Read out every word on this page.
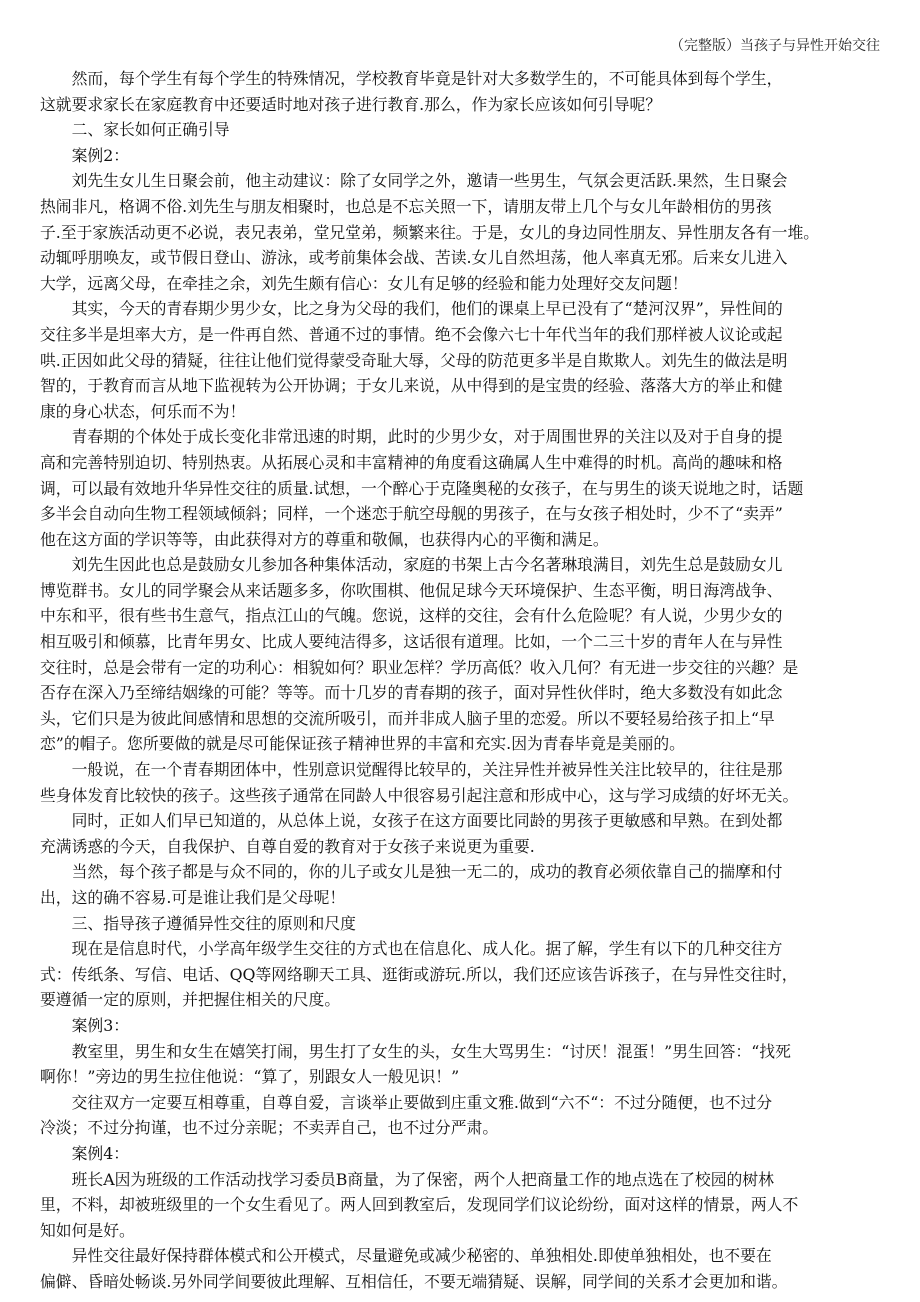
（完整版）当孩子与异性开始交往

然而，每个学生有每个学生的特殊情况，学校教育毕竟是针对大多数学生的，不可能具体到每个学生，

这就要求家长在家庭教育中还要适时地对孩子进行教育.那么，作为家长应该如何引导呢？

二、家长如何正确引导

案例2：

刘先生女儿生日聚会前，他主动建议：除了女同学之外，邀请一些男生，气氛会更活跃.果然，生日聚会

热闹非凡，格调不俗.刘先生与朋友相聚时，也总是不忘关照一下，请朋友带上几个与女儿年龄相仿的男孩

子.至于家族活动更不必说，表兄表弟，堂兄堂弟，频繁来往。于是，女儿的身边同性朋友、异性朋友各有一堆。

动辄呼朋唤友，或节假日登山、游泳，或考前集体会战、苦读.女儿自然坦荡，他人率真无邪。后来女儿进入

大学，远离父母，在牵挂之余，刘先生颇有信心：女儿有足够的经验和能力处理好交友问题！

其实，今天的青春期少男少女，比之身为父母的我们，他们的课桌上早已没有了“楚河汉界”，异性间的

交往多半是坦率大方，是一件再自然、普通不过的事情。绝不会像六七十年代当年的我们那样被人议论或起

哄.正因如此父母的猜疑，往往让他们觉得蒙受奇耻大辱，父母的防范更多半是自欺欺人。刘先生的做法是明

智的，于教育而言从地下监视转为公开协调；于女儿来说，从中得到的是宝贵的经验、落落大方的举止和健

康的身心状态，何乐而不为！

青春期的个体处于成长变化非常迅速的时期，此时的少男少女，对于周围世界的关注以及对于自身的提

高和完善特别迫切、特别热衷。从拓展心灵和丰富精神的角度看这确属人生中难得的时机。高尚的趣味和格

调，可以最有效地升华异性交往的质量.试想，一个醉心于克隆奥秘的女孩子，在与男生的谈天说地之时，话题

多半会自动向生物工程领域倾斜；同样，一个迷恋于航空母舰的男孩子，在与女孩子相处时，少不了“卖弄”

他在这方面的学识等等，由此获得对方的尊重和敬佩，也获得内心的平衡和满足。

刘先生因此也总是鼓励女儿参加各种集体活动，家庭的书架上古今名著琳琅满目，刘先生总是鼓励女儿

博览群书。女儿的同学聚会从来话题多多，你吹围棋、他侃足球今天环境保护、生态平衡，明日海湾战争、

中东和平，很有些书生意气，指点江山的气魄。您说，这样的交往，会有什么危险呢？有人说，少男少女的

相互吸引和倾慕，比青年男女、比成人要纯洁得多，这话很有道理。比如，一个二三十岁的青年人在与异性

交往时，总是会带有一定的功利心：相貌如何？职业怎样？学历高低？收入几何？有无进一步交往的兴趣？是

否存在深入乃至缔结姻缘的可能？等等。而十几岁的青春期的孩子，面对异性伙伴时，绝大多数没有如此念

头，它们只是为彼此间感情和思想的交流所吸引，而并非成人脑子里的恋爱。所以不要轻易给孩子扣上“早

恋”的帽子。您所要做的就是尽可能保证孩子精神世界的丰富和充实.因为青春毕竟是美丽的。

一般说，在一个青春期团体中，性别意识觉醒得比较早的，关注异性并被异性关注比较早的，往往是那

些身体发育比较快的孩子。这些孩子通常在同龄人中很容易引起注意和形成中心，这与学习成绩的好坏无关。

同时，正如人们早已知道的，从总体上说，女孩子在这方面要比同龄的男孩子更敏感和早熟。在到处都

充满诱惑的今天，自我保护、自尊自爱的教育对于女孩子来说更为重要.

当然，每个孩子都是与众不同的，你的儿子或女儿是独一无二的，成功的教育必须依靠自己的揣摩和付

出，这的确不容易.可是谁让我们是父母呢！

三、指导孩子遵循异性交往的原则和尺度

现在是信息时代，小学高年级学生交往的方式也在信息化、成人化。据了解，学生有以下的几种交往方

式：传纸条、写信、电话、QQ等网络聊天工具、逛街或游玩.所以，我们还应该告诉孩子，在与异性交往时，

要遵循一定的原则，并把握住相关的尺度。

案例3：

教室里，男生和女生在嬉笑打闹，男生打了女生的头，女生大骂男生：“讨厌！混蛋！”男生回答：“找死

啊你！”旁边的男生拉住他说：“算了，别跟女人一般见识！”

交往双方一定要互相尊重，自尊自爱，言谈举止要做到庄重文雅.做到“六不“：不过分随便，也不过分

冷淡；不过分拘谨，也不过分亲昵；不卖弄自己，也不过分严肃。

案例4：

班长A因为班级的工作活动找学习委员B商量，为了保密，两个人把商量工作的地点选在了校园的树林

里，不料，却被班级里的一个女生看见了。两人回到教室后，发现同学们议论纷纷，面对这样的情景，两人不

知如何是好。

异性交往最好保持群体模式和公开模式，尽量避免或减少秘密的、单独相处.即使单独相处，也不要在

偏僻、昏暗处畅谈.另外同学间要彼此理解、互相信任，不要无端猜疑、误解，同学间的关系才会更加和谐。
